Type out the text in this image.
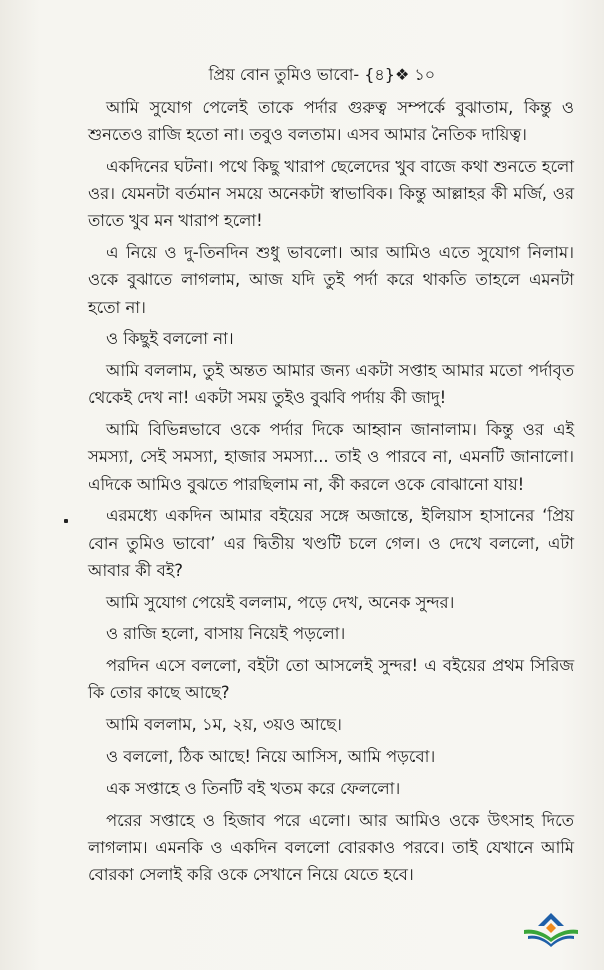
প্রিয় বোন তুমিও ভাবো- {৪}❖ ১০

আমি সুযোগ পেলেই তাকে পর্দার গুরুত্ব সম্পর্কে বুঝাতাম, কিন্তু ও শুনতেও রাজি হতো না। তবুও বলতাম। এসব আমার নৈতিক দায়িত্ব।

একদিনের ঘটনা। পথে কিছু খারাপ ছেলেদের খুব বাজে কথা শুনতে হলো ওর। যেমনটা বর্তমান সময়ে অনেকটা স্বাভাবিক। কিন্তু আল্লাহর কী মর্জি, ওর তাতে খুব মন খারাপ হলো!

এ নিয়ে ও দু-তিনদিন শুধু ভাবলো। আর আমিও এতে সুযোগ নিলাম। ওকে বুঝাতে লাগলাম, আজ যদি তুই পর্দা করে থাকতি তাহলে এমনটা হতো না।

ও কিছুই বললো না।

আমি বললাম, তুই অন্তত আমার জন্য একটা সপ্তাহ আমার মতো পর্দাবৃত থেকেই দেখ না! একটা সময় তুইও বুঝবি পর্দায় কী জাদু!

আমি বিভিন্নভাবে ওকে পর্দার দিকে আহ্বান জানালাম। কিন্তু ওর এই সমস্যা, সেই সমস্যা, হাজার সমস্যা... তাই ও পারবে না, এমনটি জানালো। এদিকে আমিও বুঝতে পারছিলাম না, কী করলে ওকে বোঝানো যায়!

এরমধ্যে একদিন আমার বইয়ের সঙ্গে অজান্তে, ইলিয়াস হাসানের ‘প্রিয় বোন তুমিও ভাবো’ এর দ্বিতীয় খণ্ডটি চলে গেল। ও দেখে বললো, এটা আবার কী বই?

আমি সুযোগ পেয়েই বললাম, পড়ে দেখ, অনেক সুন্দর।

ও রাজি হলো, বাসায় নিয়েই পড়লো।

পরদিন এসে বললো, বইটা তো আসলেই সুন্দর! এ বইয়ের প্রথম সিরিজ কি তোর কাছে আছে?

আমি বললাম, ১ম, ২য়, ৩য়ও আছে।

ও বললো, ঠিক আছে! নিয়ে আসিস, আমি পড়বো।

এক সপ্তাহে ও তিনটি বই খতম করে ফেললো।

পরের সপ্তাহে ও হিজাব পরে এলো। আর আমিও ওকে উৎসাহ দিতে লাগলাম। এমনকি ও একদিন বললো বোরকাও পরবে। তাই যেখানে আমি বোরকা সেলাই করি ওকে সেখানে নিয়ে যেতে হবে।
